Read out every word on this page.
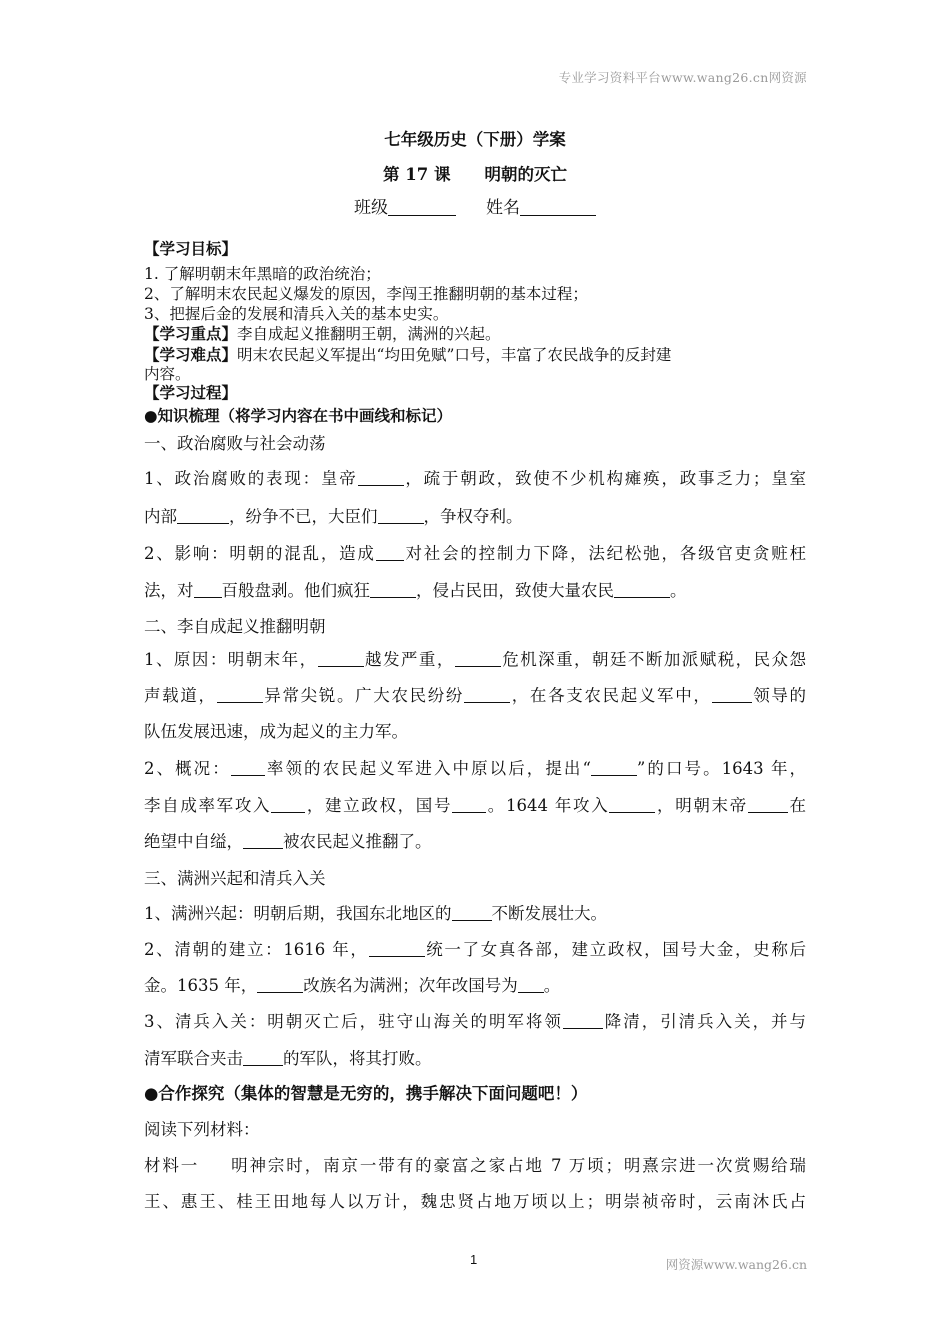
专业学习资料平台www.wang26.cn网资源
七年级历史（下册）学案
第 17 课 明朝的灭亡
班级	姓名
【学习目标】
1. 了解明朝末年黑暗的政治统治；
2、了解明末农民起义爆发的原因，李闯王推翻明朝的基本过程；
3、把握后金的发展和清兵入关的基本史实。
【学习重点】李自成起义推翻明王朝，满洲的兴起。
【学习难点】明末农民起义军提出“均田免赋”口号，丰富了农民战争的反封建
内容。
【学习过程】
●知识梳理（将学习内容在书中画线和标记）
一、政治腐败与社会动荡
1、政治腐败的表现：皇帝	，疏于朝政，致使不少机构瘫痪，政事乏力；皇室
内部	，纷争不已，大臣们	，争权夺利。
2、影响：明朝的混乱，造成 对社会的控制力下降，法纪松弛，各级官吏贪赃枉
法，对 百般盘剥。他们疯狂	，侵占民田，致使大量农民	。
二、李自成起义推翻明朝
1、原因：明朝末年，	越发严重，	危机深重，朝廷不断加派赋税，民众怨
声载道，	异常尖锐。广大农民纷纷	，在各支农民起义军中， 领导的
队伍发展迅速，成为起义的主力军。
2、概况： 率领的农民起义军进入中原以后，提出“	”的口号。1643 年，
李自成率军攻入 ，建立政权，国号 。1644 年攻入	，明朝末帝 在
绝望中自缢， 被农民起义推翻了。
三、满洲兴起和清兵入关
1、满洲兴起：明朝后期，我国东北地区的 不断发展壮大。
2、清朝的建立：1616 年，	统一了女真各部，建立政权，国号大金，史称后
金。1635 年，	改族名为满洲；次年改国号为 。
3、清兵入关：明朝灭亡后，驻守山海关的明军将领 降清，引清兵入关，并与
清军联合夹击 的军队，将其打败。
●合作探究（集体的智慧是无穷的，携手解决下面问题吧！）
阅读下列材料：
材料一 明神宗时，南京一带有的豪富之家占地 7 万顷；明熹宗进一次赏赐给瑞
王、惠王、桂王田地每人以万计，魏忠贤占地万顷以上；明崇祯帝时，云南沐氏占
1	网资源www.wang26.cn
